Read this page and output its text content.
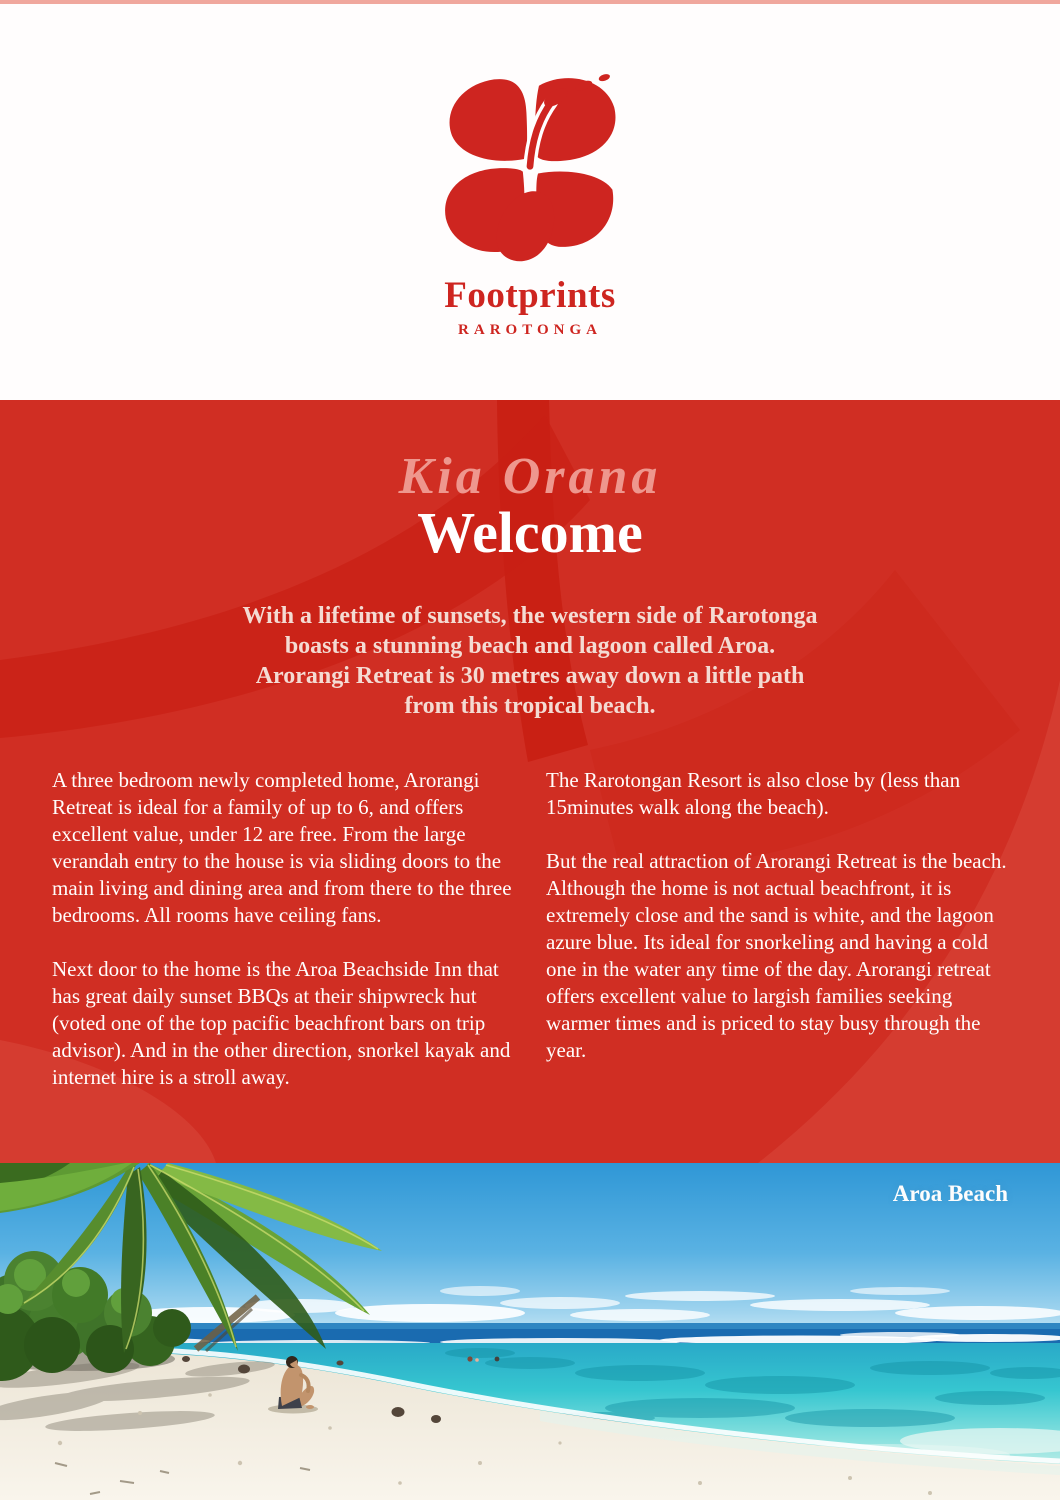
Footprints
RAROTONGA
Kia Orana
Welcome
With a lifetime of sunsets, the western side of Rarotonga
boasts a stunning beach and lagoon called Aroa.
Arorangi Retreat is 30 metres away down a little path
from this tropical beach.

A three bedroom newly completed home, Arorangi Retreat is ideal for a family of up to 6, and offers excellent value, under 12 are free. From the large verandah entry to the house is via sliding doors to the main living and dining area and from there to the three bedrooms. All rooms have ceiling fans.

Next door to the home is the Aroa Beachside Inn that has great daily sunset BBQs at their shipwreck hut (voted one of the top pacific beachfront bars on trip advisor). And in the other direction, snorkel kayak and internet hire is a stroll away.

The Rarotongan Resort is also close by (less than 15minutes walk along the beach).

But the real attraction of Arorangi Retreat is the beach. Although the home is not actual beachfront, it is extremely close and the sand is white, and the lagoon azure blue. Its ideal for snorkeling and having a cold one in the water any time of the day. Arorangi retreat offers excellent value to largish families seeking warmer times and is priced to stay busy through the year.

Aroa Beach
